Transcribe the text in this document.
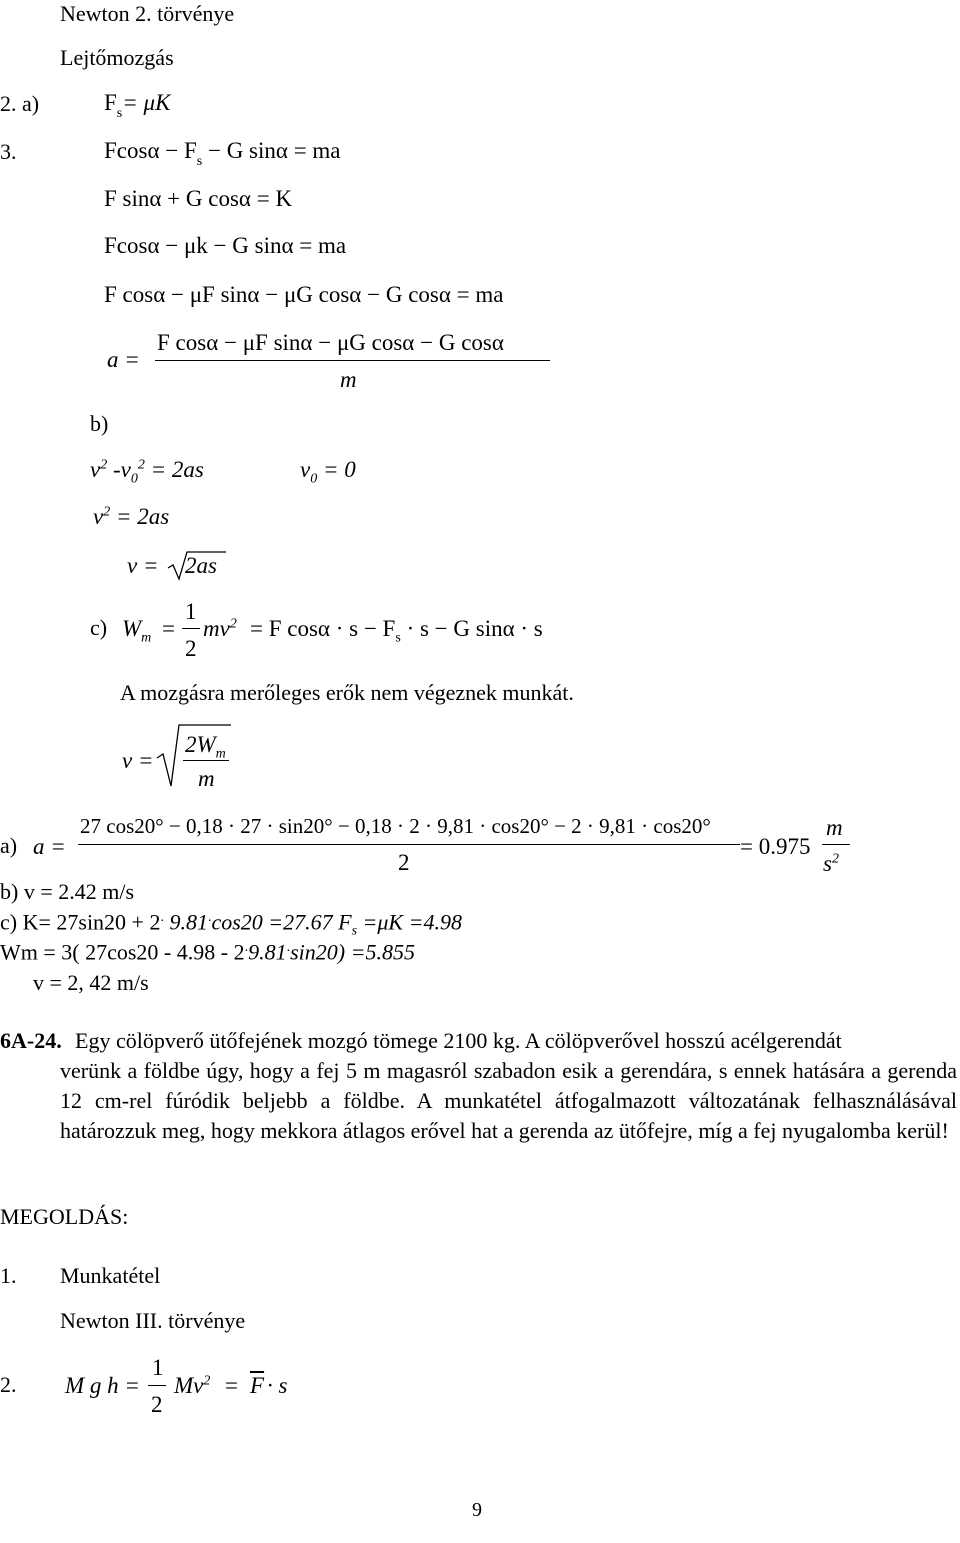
Newton 2. törvénye
Lejtőmozgás
2. a)	$F_s= \mu K$
3.	$Fcos\alpha - F_s - G$ sinα = ma
F sinα + G cosα = K
Fcosα − μk − G sinα = ma
F cosα − μF sinα − μG cosα − G cosα = ma
a =
F cosα − μF sinα − μG cosα − G cosα
m
b)
$v^2$ $-v_0^2 = 2as$	$v_0 = 0$
$v^2 = 2as$
v = 2as
c) $W_m$ =
1
2
$mv^2 = F$ $\cos\alpha \cdot s - F_s \cdot s - G$ sinα · s
A mozgásra merőleges erők nem végeznek munkát.
v =
$2W_m$
m
a) a =
27 cos20° − 0,18 · 27 · sin20° − 0,18 · 2 · 9,81 · cos20° − 2 · 9,81 · cos20°
2
= 0.975
m
$s^2$
b) v = 2.42 m/s
c) K= 27sin20 + 2. 9.81.cos20 =27.67 $F_s =\mu K =4.98$
Wm = 3( 27cos20 - 4.98 - 2.9.81.sin20) =5.855
v = 2, 42 m/s
6A-24. Egy cölöpverő ütőfejének mozgó tömege 2100 kg. A cölöpverővel hosszú acélgerendát
verünk a földbe úgy, hogy a fej 5 m magasról szabadon esik a gerendára, s ennek hatására a gerenda 12 cm-rel fúródik beljebb a földbe. A munkatétel átfogalmazott változatának felhasználásával határozzuk meg, hogy mekkora átlagos erővel hat a gerenda az ütőfejre, míg a fej nyugalomba kerül!
MEGOLDÁS:
1. Munkatétel
Newton III. törvénye
2. M g h =
1
2
$Mv^2 = \overline{F} \cdot s$
9
